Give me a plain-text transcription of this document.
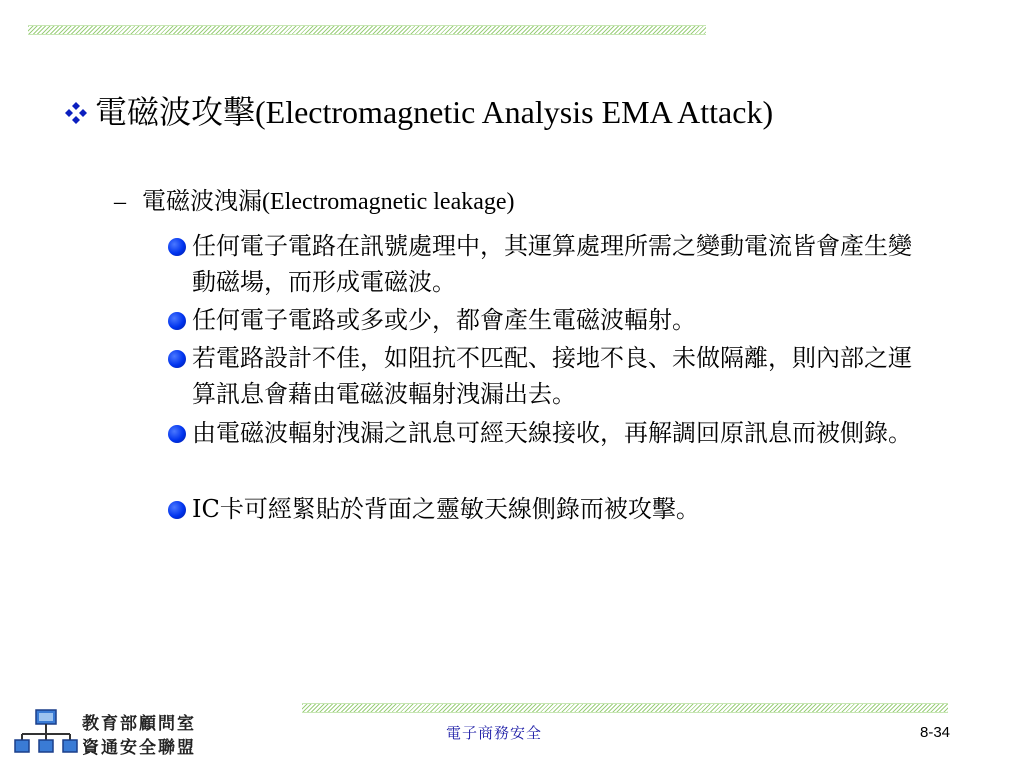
電磁波攻擊(Electromagnetic Analysis EMA Attack)
– 電磁波洩漏(Electromagnetic leakage)
任何電子電路在訊號處理中，其運算處理所需之變動電流皆會產生變動磁場，而形成電磁波。
任何電子電路或多或少，都會產生電磁波輻射。
若電路設計不佳，如阻抗不匹配、接地不良、未做隔離，則內部之運算訊息會藉由電磁波輻射洩漏出去。
由電磁波輻射洩漏之訊息可經天線接收，再解調回原訊息而被側錄。
IC卡可經緊貼於背面之靈敏天線側錄而被攻擊。
教育部顧問室
資通安全聯盟
電子商務安全	8-34
